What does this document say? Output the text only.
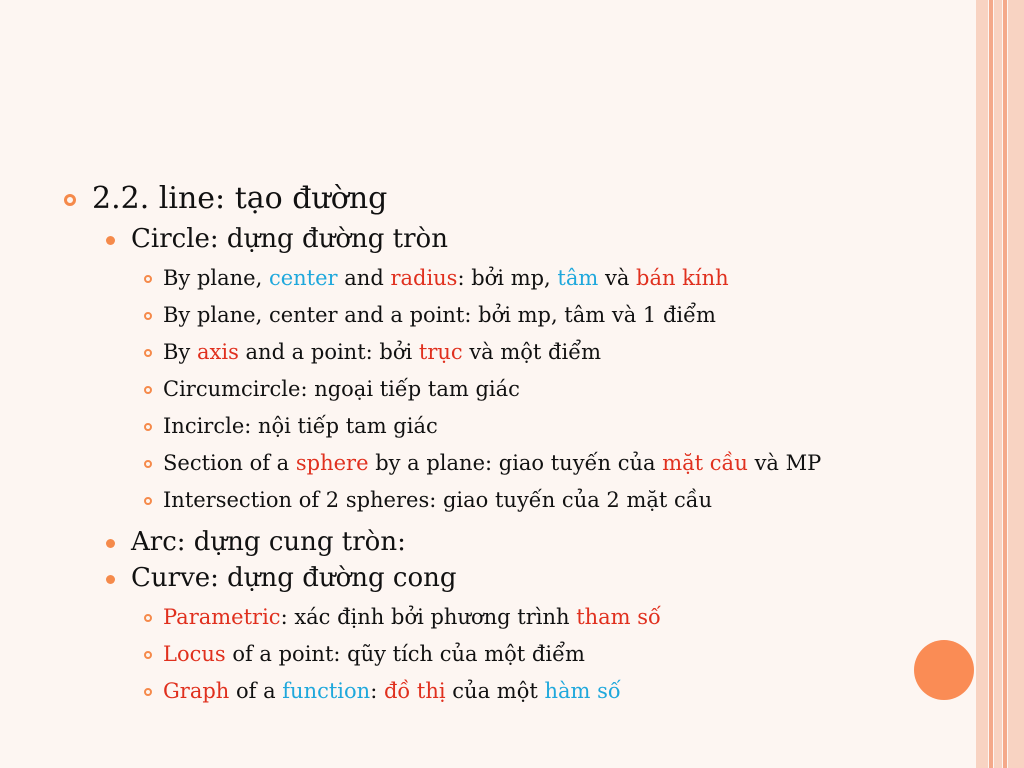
2.2. line: tạo đường
Circle: dựng đường tròn
By plane, center and radius: bởi mp, tâm và bán kính
By plane, center and a point: bởi mp, tâm và 1 điểm
By axis and a point: bởi trục và một điểm
Circumcircle: ngoại tiếp tam giác
Incircle: nội tiếp tam giác
Section of a sphere by a plane: giao tuyến của mặt cầu và MP
Intersection of 2 spheres: giao tuyến của 2 mặt cầu
Arc: dựng cung tròn:
Curve: dựng đường cong
Parametric: xác định bởi phương trình tham số
Locus of a point: qũy tích của một điểm
Graph of a function: đồ thị của một hàm số
